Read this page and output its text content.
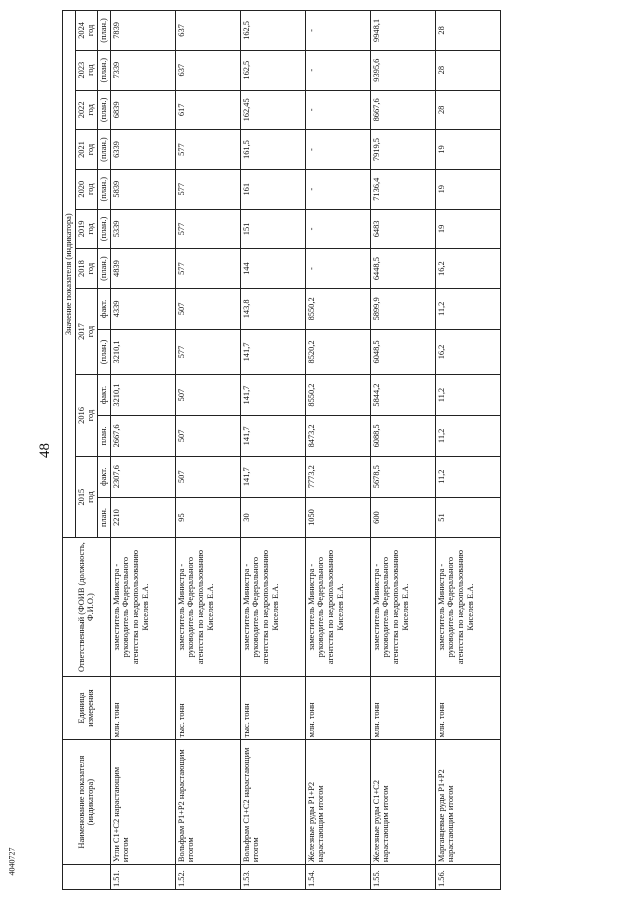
48
4040727
	Наименование показателя (индикатора)	Единица измерения	Ответственный (ФОИВ (должность, Ф.И.О.)	Значение показателя (индикатора)												
				2015
год		2016
год		2017
год		2018
год	2019
год	2020
год	2021
год	2022
год	2023
год	2024
год
				план.	факт.	план.	факт.	(план.)	факт.	(план.)	(план.)	(план.)	(план.)	(план.)	(план.)	(план.)
1.51.	Угли С1+С2 нарастающим итогом	млн. тонн	заместитель Министра - руководитель Федерального агентства по недропользованию Киселев Е.А.	2210	2307,6	2667,6	3210,1	3210,1	4339	4839	5339	5839	6339	6839	7339	7839
1.52.	Вольфрам Р1+Р2 нарастающим итогом	тыс. тонн	заместитель Министра - руководитель Федерального агентства по недропользованию Киселев Е.А.	95	507	507	507	577	507	577	577	577	577	617	637	637
1.53.	Вольфрам С1+С2 нарастающим итогом	тыс. тонн	заместитель Министра - руководитель Федерального агентства по недропользованию Киселев Е.А.	30	141,7	141,7	141,7	141,7	143,8	144	151	161	161,5	162,45	162,5	162,5
1.54.	Железные руды Р1+Р2 нарастающим итогом	млн. тонн	заместитель Министра - руководитель Федерального агентства по недропользованию Киселев Е.А.	1050	7773,2	8473,2	8550,2	8520,2	8550,2	-	-	-	-	-	-	-
1.55.	Железные руды С1+С2 нарастающим итогом	млн. тонн	заместитель Министра - руководитель Федерального агентства по недропользованию Киселев Е.А.	600	5678,5	6088,5	5844,2	6048,5	5899,9	6448,5	6483	7136,4	7919,5	8667,6	9395,6	9948,1
1.56.	Марганцевые руды Р1+Р2 нарастающим итогом	млн. тонн	заместитель Министра - руководитель Федерального агентства по недропользованию Киселев Е.А.	51	11,2	11,2	11,2	16,2	11,2	16,2	19	19	19	28	28	28
